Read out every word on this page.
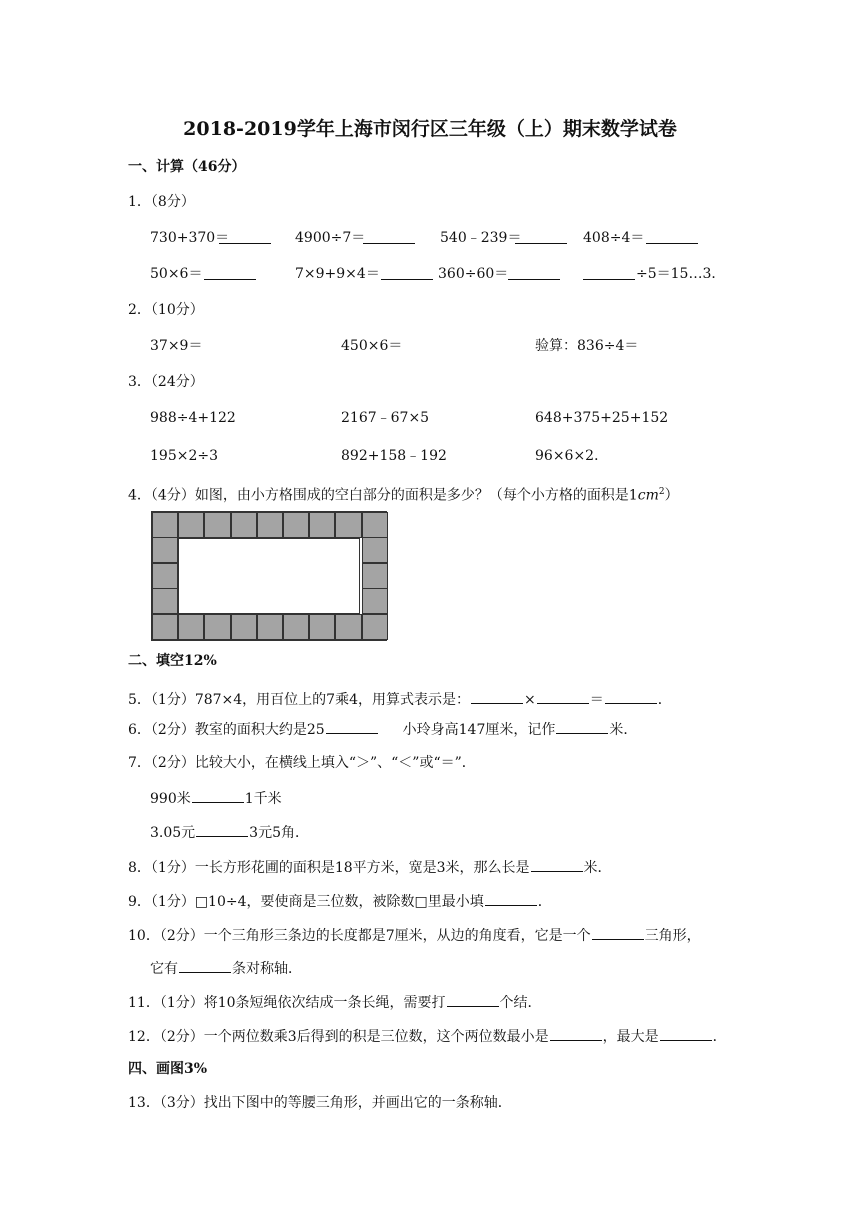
2018-2019学年上海市闵行区三年级（上）期末数学试卷
一、计算（46分）
1．（8分）
730+370＝	4900÷7＝	540﹣239＝	408÷4＝
50×6＝	7×9+9×4＝	360÷60＝	÷5＝15…3．
2．（10分）
37×9＝	450×6＝	验算：836÷4＝
3．（24分）
988÷4+122	2167﹣67×5	648+375+25+152
195×2÷3	892+158﹣192	96×6×2．
4．（4分）如图，由小方格围成的空白部分的面积是多少？（每个小方格的面积是$1cm^2$）
二、填空12%
5．（1分）787×4，用百位上的7乘4，用算式表示是：	×	＝	．
6．（2分）教室的面积大约是25	小玲身高147厘米，记作	米．
7．（2分）比较大小，在横线上填入“＞”、“＜”或“＝”．
990米	1千米
3.05元	3元5角．
8．（1分）一长方形花圃的面积是18平方米，宽是3米，那么长是	米．
9．（1分）□10÷4，要使商是三位数，被除数□里最小填	．
10．（2分）一个三角形三条边的长度都是7厘米，从边的角度看，它是一个	三角形，
它有	条对称轴．
11．（1分）将10条短绳依次结成一条长绳，需要打	个结．
12．（2分）一个两位数乘3后得到的积是三位数，这个两位数最小是	，最大是	．
四、画图3%
13．（3分）找出下图中的等腰三角形，并画出它的一条称轴．
